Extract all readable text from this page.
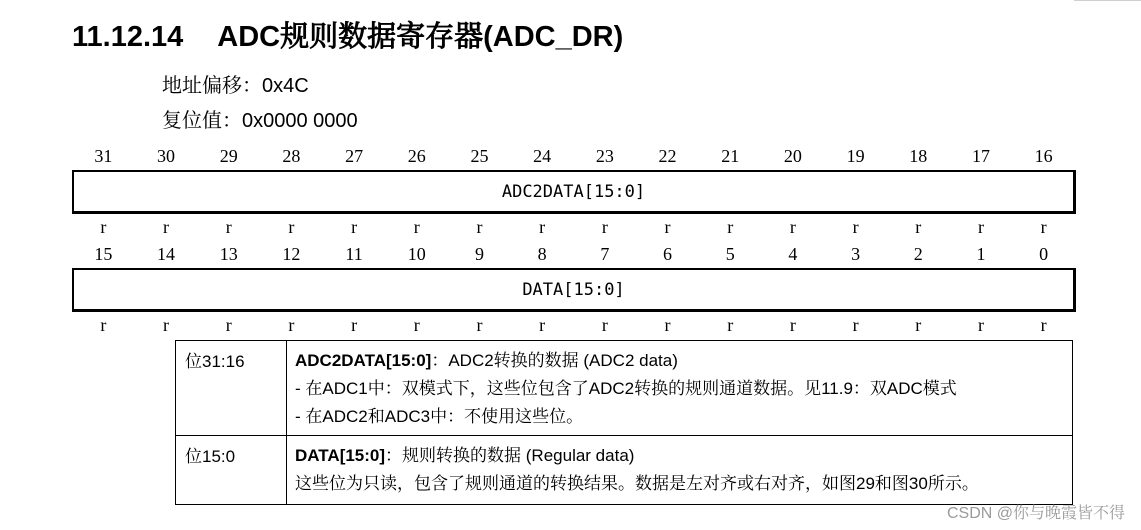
11.12.14 ADC规则数据寄存器(ADC_DR)
地址偏移：0x4C
复位值：0x0000 0000
31	30	29	28	27	26	25	24	23	22	21	20	19	18	17	16
ADC2DATA[15:0]
r	r	r	r	r	r	r	r	r	r	r	r	r	r	r	r
15	14	13	12	11	10	9	8	7	6	5	4	3	2	1	0
DATA[15:0]
r	r	r	r	r	r	r	r	r	r	r	r	r	r	r	r
位31:16	ADC2DATA[15:0]：ADC2转换的数据 (ADC2 data)
- 在ADC1中：双模式下，这些位包含了ADC2转换的规则通道数据。见11.9：双ADC模式
- 在ADC2和ADC3中：不使用这些位。

位15:0	DATA[15:0]：规则转换的数据 (Regular data)
这些位为只读，包含了规则通道的转换结果。数据是左对齐或右对齐，如图29和图30所示。
CSDN @你与晚霞皆不得
